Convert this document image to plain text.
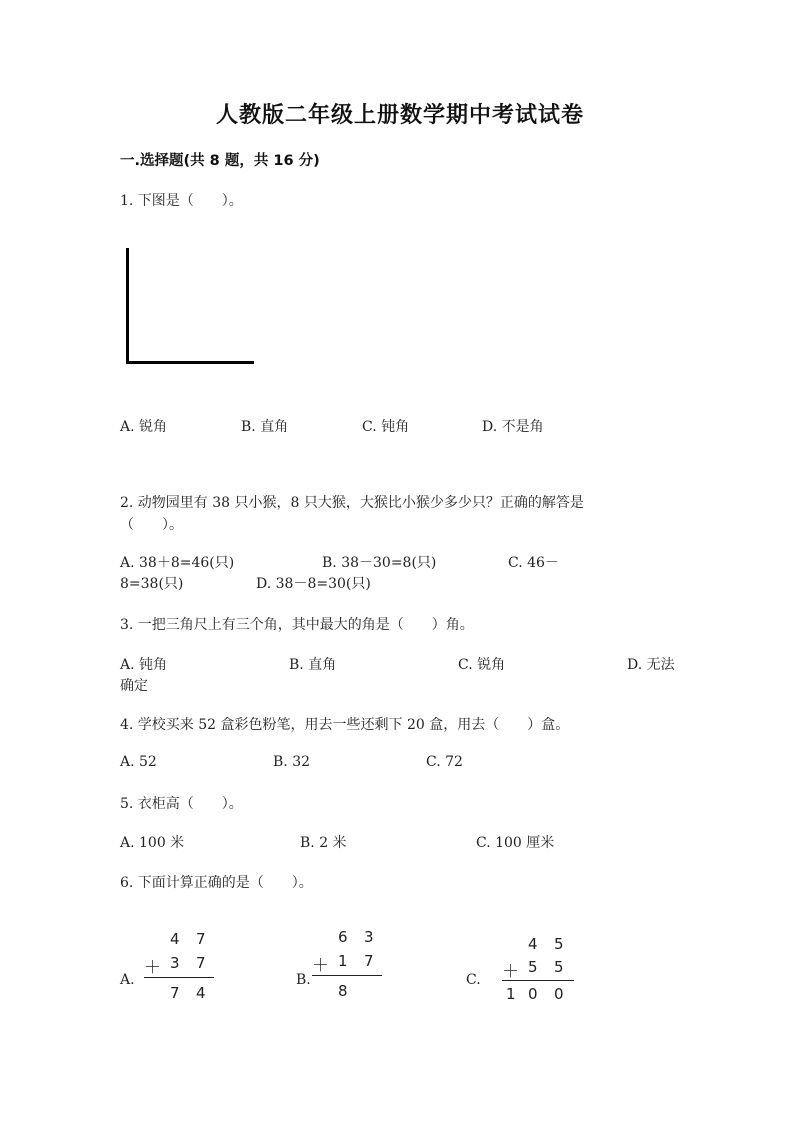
人教版二年级上册数学期中考试试卷
一.选择题(共 8 题，共 16 分)
1. 下图是（　　）。
A. 锐角	B. 直角	C. 钝角	D. 不是角
2. 动物园里有 38 只小猴，8 只大猴，大猴比小猴少多少只？正确的解答是
（　　）。
A. 38＋8=46(只)	B. 38－30=8(只)	C. 46－
8=38(只)	D. 38－8=30(只)
3. 一把三角尺上有三个角，其中最大的角是（　　）角。
A. 钝角	B. 直角	C. 锐角	D. 无法
确定
4. 学校买来 52 盒彩色粉笔，用去一些还剩下 20 盒，用去（　　）盒。
A. 52	B. 32	C. 72
5. 衣柜高（　　）。
A. 100 米	B. 2 米	C. 100 厘米
6. 下面计算正确的是（　　）。
A.
4 7
＋ 3 7
7 4
B.
6 3
＋ 1 7
8
C.
4 5
＋ 5 5
1 0 0
